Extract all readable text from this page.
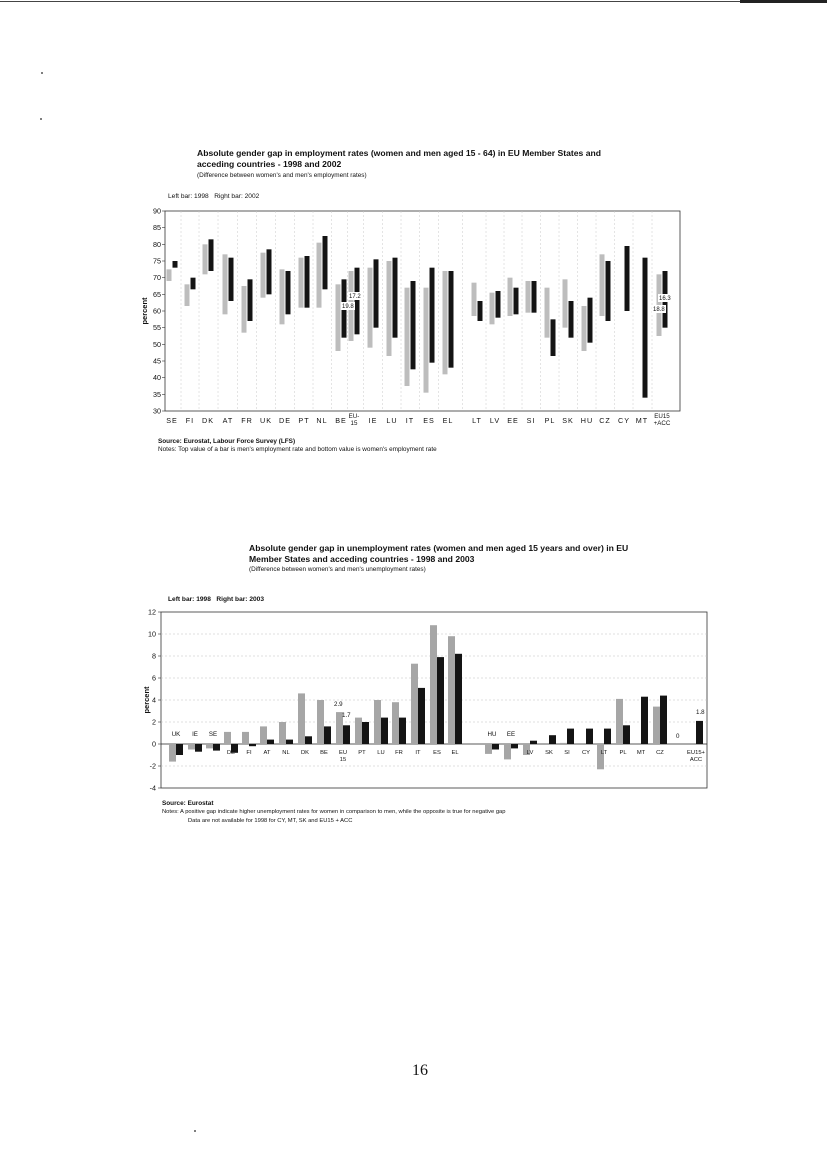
Absolute gender gap in employment rates (women and men aged 15 - 64) in EU Member States and acceding countries - 1998 and 2002
(Difference between women's and men's employment rates)
Left bar: 1998   Right bar: 2002
30
35
40
45
50
55
60
65
70
75
80
85
90
percent
SE FI DK AT FR UK DE PT NL BE EU-
15 IE LU IT ES EL	LT LV EE SI PL SK HU CZ CY MT EU15
+ACC
19.8
17.2
18.8
16.3
Source: Eurostat, Labour Force Survey (LFS)
Notes: Top value of a bar is men's employment rate and bottom value is women's employment rate
Absolute gender gap in unemployment rates (women and men aged 15 years and over) in EU Member States and acceding countries - 1998 and 2003
(Difference between women's and men's unemployment rates)
Left bar: 1998   Right bar: 2003
-4
-2
0
2
4
6
8
10
12
percent
UK IE SE
DE FI AT NL DK BE EU
15
PT LU FR IT ES EL
HU EE
LV SK SI CY LT PL MT CZ	EU15+
ACC
2.9
1.7
0
1.8
Source: Eurostat
Notes: A positive gap indicate higher unemployment rates for women in comparison to men, while the opposite is true for negative gap
Data are not available for 1998 for CY, MT, SK and EU15 + ACC
16
